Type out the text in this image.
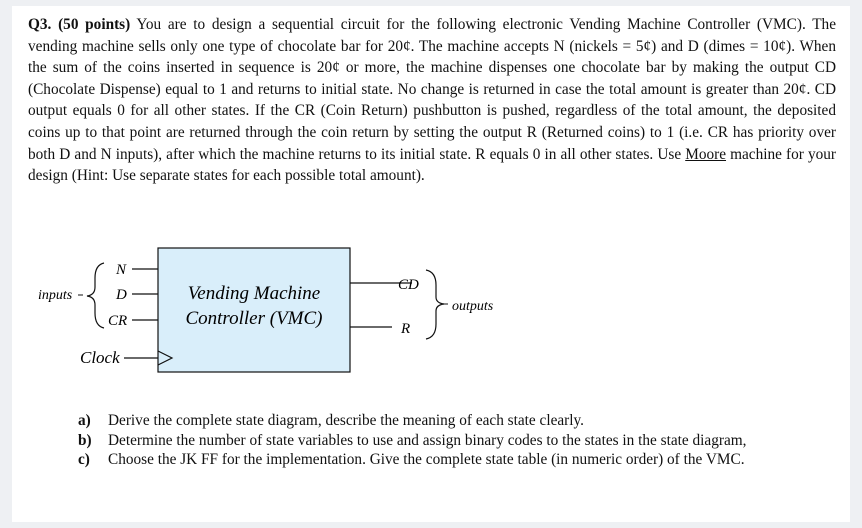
Q3. (50 points) You are to design a sequential circuit for the following electronic Vending Machine Controller (VMC). The vending machine sells only one type of chocolate bar for 20¢. The machine accepts N (nickels = 5¢) and D (dimes = 10¢). When the sum of the coins inserted in sequence is 20¢ or more, the machine dispenses one chocolate bar by making the output CD (Chocolate Dispense) equal to 1 and returns to initial state. No change is returned in case the total amount is greater than 20¢. CD output equals 0 for all other states. If the CR (Coin Return) pushbutton is pushed, regardless of the total amount, the deposited coins up to that point are returned through the coin return by setting the output R (Returned coins) to 1 (i.e. CR has priority over both D and N inputs), after which the machine returns to its initial state. R equals 0 in all other states. Use Moore machine for your design (Hint: Use separate states for each possible total amount).
inputs
N
D
CR
Vending Machine
Controller (VMC)
Clock
CD
R
outputs
a) Derive the complete state diagram, describe the meaning of each state clearly.
b) Determine the number of state variables to use and assign binary codes to the states in the state diagram,
c) Choose the JK FF for the implementation. Give the complete state table (in numeric order) of the VMC.
